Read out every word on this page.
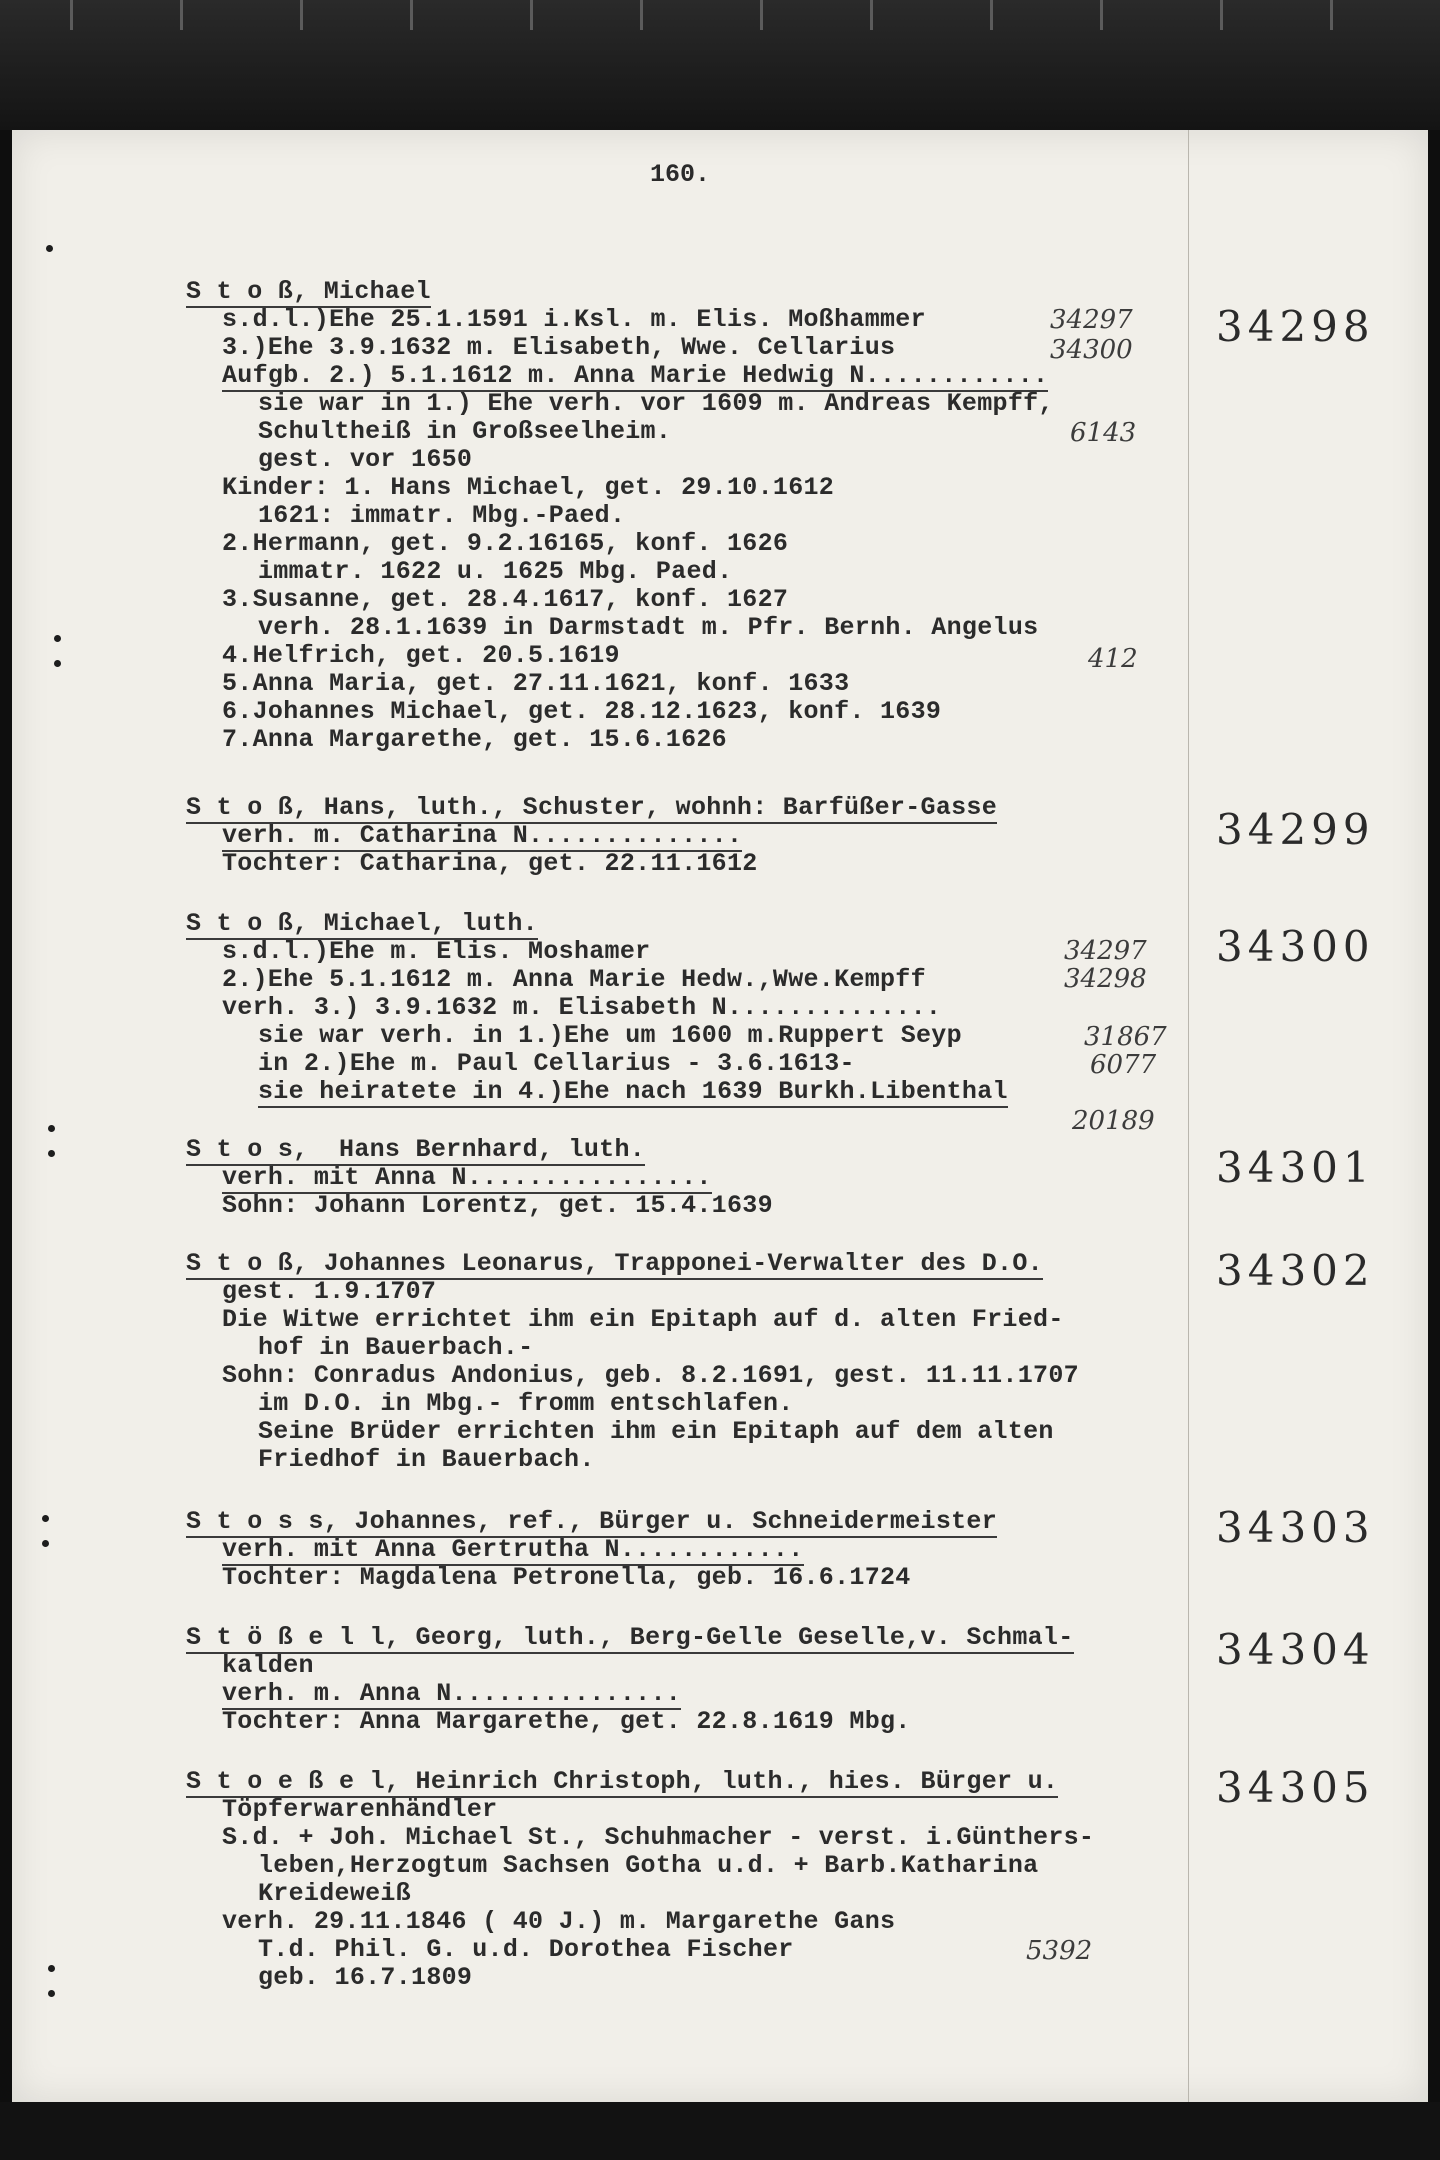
160.
S t o ß, Michael
s.d.l.)Ehe 25.1.1591 i.Ksl. m. Elis. Moßhammer
3.)Ehe 3.9.1632 m. Elisabeth, Wwe. Cellarius
Aufgb. 2.) 5.1.1612 m. Anna Marie Hedwig N............
sie war in 1.) Ehe verh. vor 1609 m. Andreas Kempff,
Schultheiß in Großseelheim.
gest. vor 1650
Kinder: 1. Hans Michael, get. 29.10.1612
1621: immatr. Mbg.-Paed.
2.Hermann, get. 9.2.16165, konf. 1626
immatr. 1622 u. 1625 Mbg. Paed.
3.Susanne, get. 28.4.1617, konf. 1627
verh. 28.1.1639 in Darmstadt m. Pfr. Bernh. Angelus
4.Helfrich, get. 20.5.1619
5.Anna Maria, get. 27.11.1621, konf. 1633
6.Johannes Michael, get. 28.12.1623, konf. 1639
7.Anna Margarethe, get. 15.6.1626
34297
34300
6143
412
34298
S t o ß, Hans, luth., Schuster, wohnh: Barfüßer-Gasse
verh. m. Catharina N..............
Tochter: Catharina, get. 22.11.1612
34299
S t o ß, Michael, luth.
s.d.l.)Ehe m. Elis. Moshamer
2.)Ehe 5.1.1612 m. Anna Marie Hedw.,Wwe.Kempff
verh. 3.) 3.9.1632 m. Elisabeth N..............
sie war verh. in 1.)Ehe um 1600 m.Ruppert Seyp
in 2.)Ehe m. Paul Cellarius - 3.6.1613-
sie heiratete in 4.)Ehe nach 1639 Burkh.Libenthal
34297
34298
31867
6077
20189
34300
S t o s,  Hans Bernhard, luth.
verh. mit Anna N................
Sohn: Johann Lorentz, get. 15.4.1639
34301
S t o ß, Johannes Leonarus, Trapponei-Verwalter des D.O.
gest. 1.9.1707
Die Witwe errichtet ihm ein Epitaph auf d. alten Fried-
hof in Bauerbach.-
Sohn: Conradus Andonius, geb. 8.2.1691, gest. 11.11.1707
im D.O. in Mbg.- fromm entschlafen.
Seine Brüder errichten ihm ein Epitaph auf dem alten
Friedhof in Bauerbach.
34302
S t o s s, Johannes, ref., Bürger u. Schneidermeister
verh. mit Anna Gertrutha N............
Tochter: Magdalena Petronella, geb. 16.6.1724
34303
S t ö ß e l l, Georg, luth., Berg-Gelle Geselle,v. Schmal-
kalden
verh. m. Anna N...............
Tochter: Anna Margarethe, get. 22.8.1619 Mbg.
34304
S t o e ß e l, Heinrich Christoph, luth., hies. Bürger u.
Töpferwarenhändler
S.d. + Joh. Michael St., Schuhmacher - verst. i.Günthers-
leben,Herzogtum Sachsen Gotha u.d. + Barb.Katharina
Kreideweiß
verh. 29.11.1846 ( 40 J.) m. Margarethe Gans
T.d. Phil. G. u.d. Dorothea Fischer
geb. 16.7.1809
5392
34305
